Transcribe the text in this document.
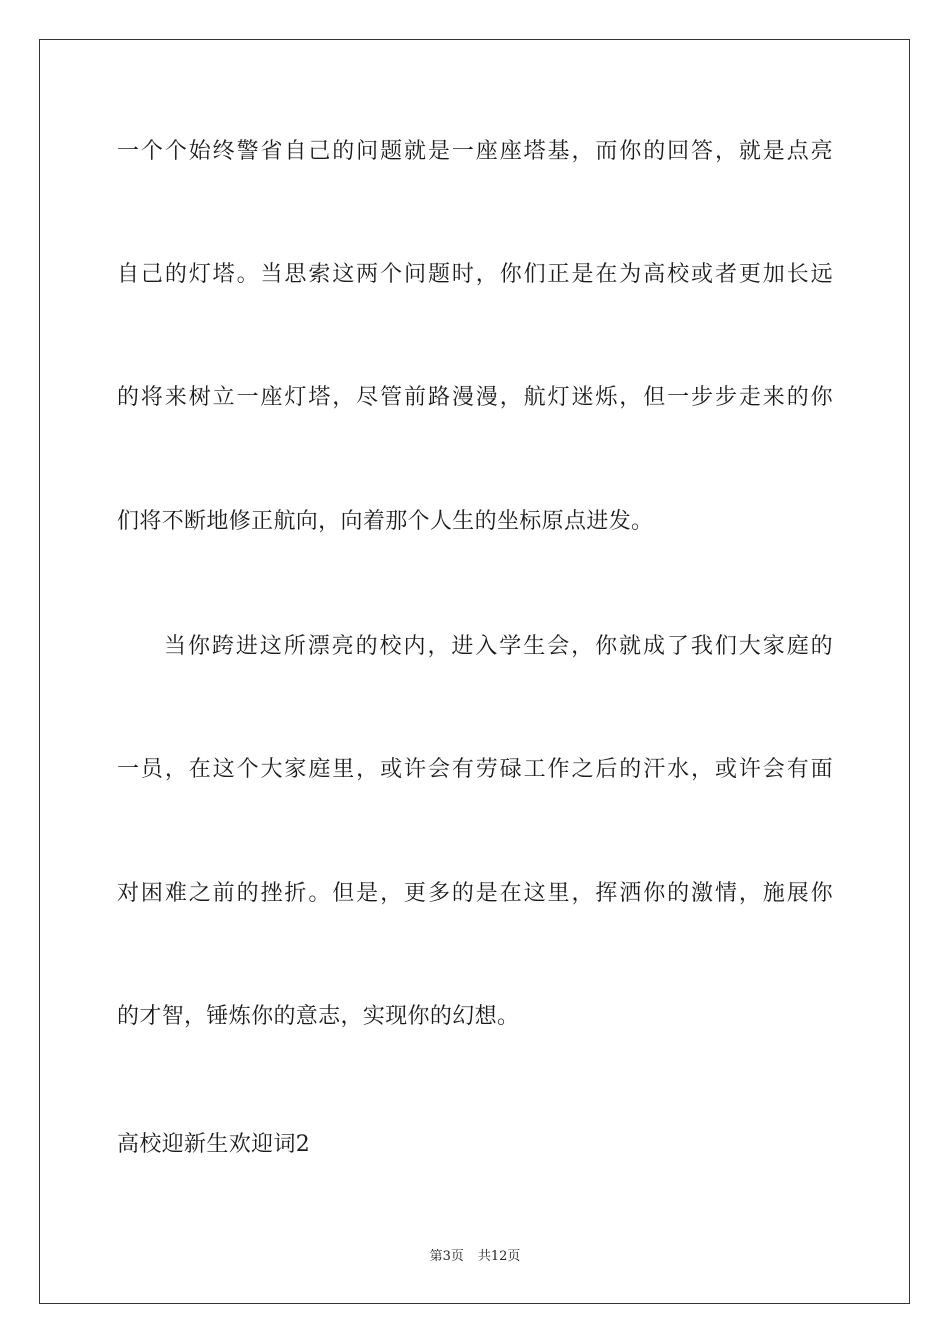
一个个始终警省自己的问题就是一座座塔基，而你的回答，就是点亮
自己的灯塔。当思索这两个问题时，你们正是在为高校或者更加长远
的将来树立一座灯塔，尽管前路漫漫，航灯迷烁，但一步步走来的你
们将不断地修正航向，向着那个人生的坐标原点进发。
当你跨进这所漂亮的校内，进入学生会，你就成了我们大家庭的
一员，在这个大家庭里，或许会有劳碌工作之后的汗水，或许会有面
对困难之前的挫折。但是，更多的是在这里，挥洒你的激情，施展你
的才智，锤炼你的意志，实现你的幻想。
高校迎新生欢迎词2
第3页 共12页
